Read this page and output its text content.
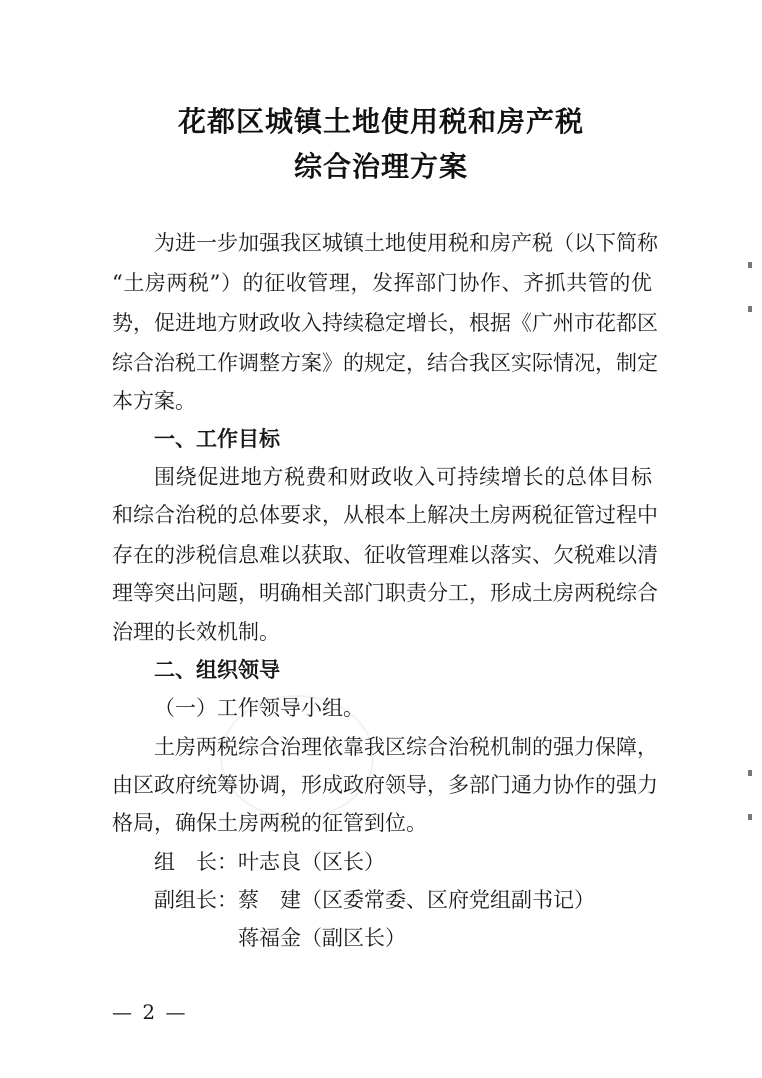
花都区城镇土地使用税和房产税
综合治理方案
为进一步加强我区城镇土地使用税和房产税（以下简称
“土房两税”）的征收管理，发挥部门协作、齐抓共管的优
势，促进地方财政收入持续稳定增长，根据《广州市花都区
综合治税工作调整方案》的规定，结合我区实际情况，制定
本方案。
一、工作目标
围绕促进地方税费和财政收入可持续增长的总体目标
和综合治税的总体要求，从根本上解决土房两税征管过程中
存在的涉税信息难以获取、征收管理难以落实、欠税难以清
理等突出问题，明确相关部门职责分工，形成土房两税综合
治理的长效机制。
二、组织领导
（一）工作领导小组。
土房两税综合治理依靠我区综合治税机制的强力保障，
由区政府统筹协调，形成政府领导，多部门通力协作的强力
格局，确保土房两税的征管到位。
组　长：叶志良（区长）
副组长：蔡　建（区委常委、区府党组副书记）
蒋福金（副区长）
— 2 —
